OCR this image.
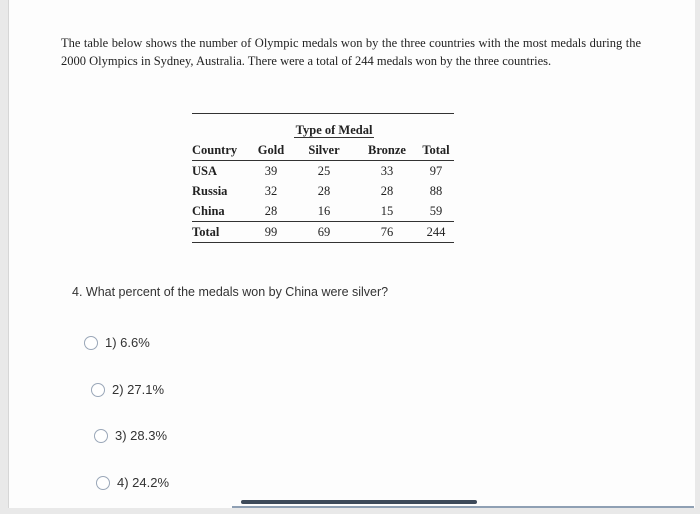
The table below shows the number of Olympic medals won by the three countries with the most medals during the 2000 Olympics in Sydney, Australia. There were a total of 244 medals won by the three countries.

	Type of Medal			
Country	Gold	Silver	Bronze	Total
USA	39	25	33	97
Russia	32	28	28	88
China	28	16	15	59
Total	99	69	76	244
4. What percent of the medals won by China were silver?
1) 6.6%
2) 27.1%
3) 28.3%
4) 24.2%
